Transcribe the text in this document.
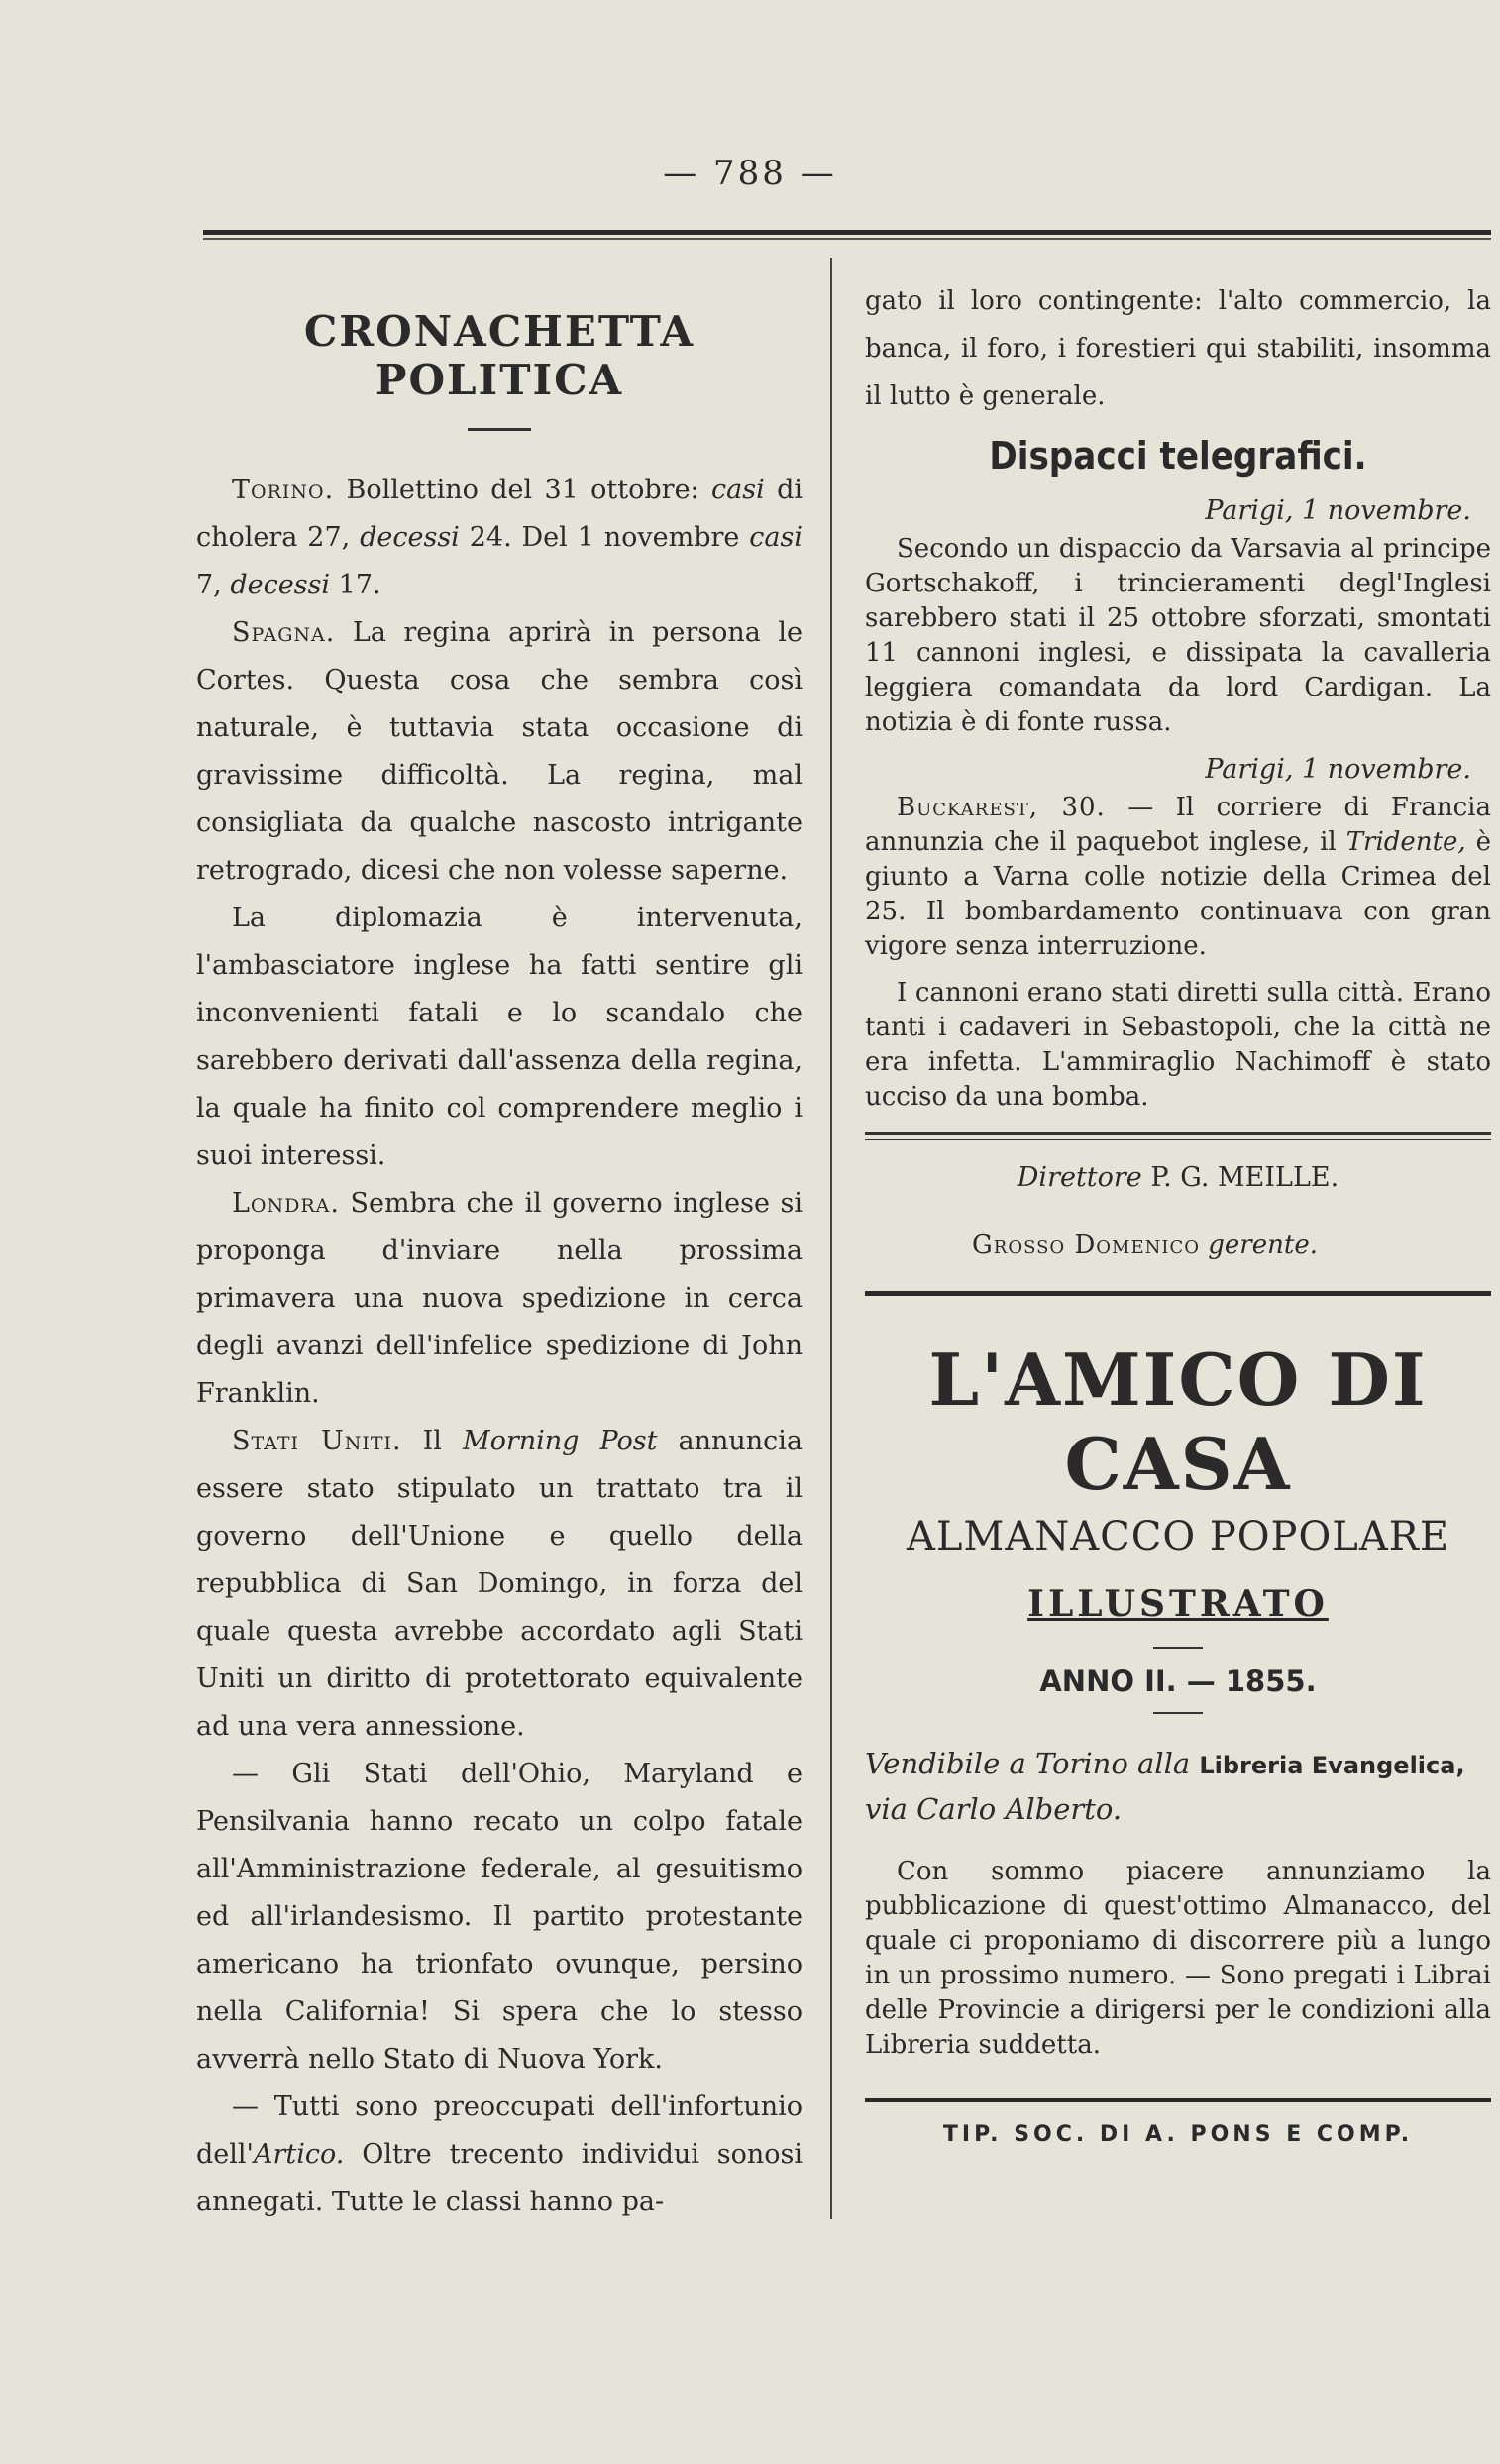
— 788 —
CRONACHETTA POLITICA

Torino. Bollettino del 31 ottobre: casi di cholera 27, decessi 24. Del 1 novembre casi 7, decessi 17.

Spagna. La regina aprirà in persona le Cortes. Questa cosa che sembra così naturale, è tuttavia stata occasione di gravissime difficoltà. La regina, mal consigliata da qualche nascosto intrigante retrogrado, dicesi che non volesse saperne.

La diplomazia è intervenuta, l'ambasciatore inglese ha fatti sentire gli inconvenienti fatali e lo scandalo che sarebbero derivati dall'assenza della regina, la quale ha finito col comprendere meglio i suoi interessi.

Londra. Sembra che il governo inglese si proponga d'inviare nella prossima primavera una nuova spedizione in cerca degli avanzi dell'infelice spedizione di John Franklin.

Stati Uniti. Il Morning Post annuncia essere stato stipulato un trattato tra il governo dell'Unione e quello della repubblica di San Domingo, in forza del quale questa avrebbe accordato agli Stati Uniti un diritto di protettorato equivalente ad una vera annessione.

— Gli Stati dell'Ohio, Maryland e Pensilvania hanno recato un colpo fatale all'Amministrazione federale, al gesuitismo ed all'irlandesismo. Il partito protestante americano ha trionfato ovunque, persino nella California! Si spera che lo stesso avverrà nello Stato di Nuova York.

— Tutti sono preoccupati dell'infortunio dell'Artico. Oltre trecento individui sonosi annegati. Tutte le classi hanno pa-

gato il loro contingente: l'alto commercio, la banca, il foro, i forestieri qui stabiliti, insomma il lutto è generale.

Dispacci telegrafici.
Parigi, 1 novembre.

Secondo un dispaccio da Varsavia al principe Gortschakoff, i trincieramenti degl'Inglesi sarebbero stati il 25 ottobre sforzati, smontati 11 cannoni inglesi, e dissipata la cavalleria leggiera comandata da lord Cardigan. La notizia è di fonte russa.

Parigi, 1 novembre.

Buckarest, 30. — Il corriere di Francia annunzia che il paquebot inglese, il Tridente, è giunto a Varna colle notizie della Crimea del 25. Il bombardamento continuava con gran vigore senza interruzione.

I cannoni erano stati diretti sulla città. Erano tanti i cadaveri in Sebastopoli, che la città ne era infetta. L'ammiraglio Nachimoff è stato ucciso da una bomba.

Direttore P. G. MEILLE.

Grosso Domenico gerente.

L'AMICO DI CASA
ALMANACCO POPOLARE
ILLUSTRATO
ANNO II. — 1855.

Vendibile a Torino alla Libreria Evangelica, via Carlo Alberto.

Con sommo piacere annunziamo la pubblicazione di quest'ottimo Almanacco, del quale ci proponiamo di discorrere più a lungo in un prossimo numero. — Sono pregati i Librai delle Provincie a dirigersi per le condizioni alla Libreria suddetta.

TIP. SOC. DI A. PONS E COMP.
